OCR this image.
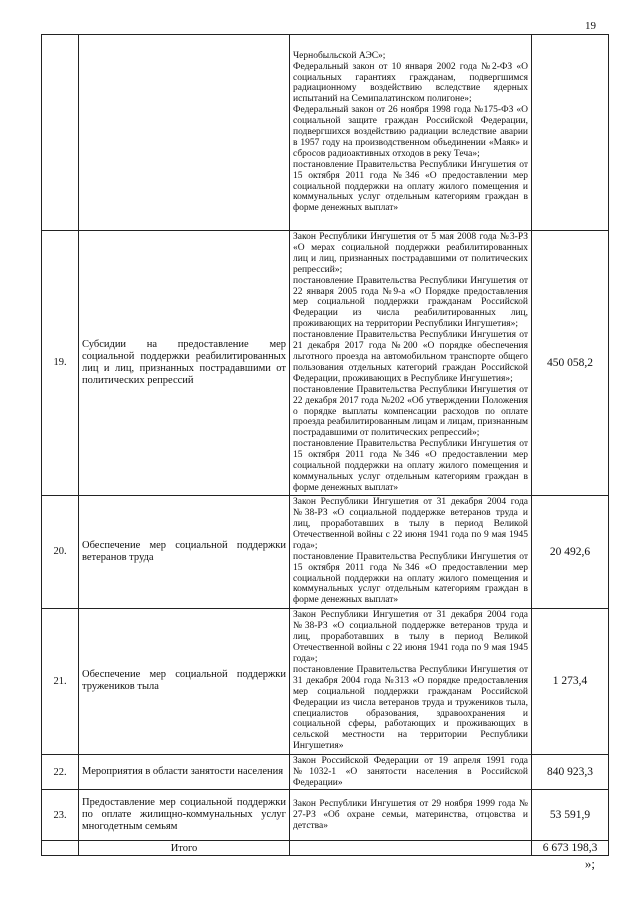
19

		Чернобыльской АЭС»;

Федеральный закон от 10 января 2002 года №2-ФЗ «О социальных гарантиях гражданам, подвергшимся радиационному воздействию вследствие ядерных испытаний на Семипалатинском полигоне»;

Федеральный закон от 26 ноября 1998 года №175-ФЗ «О социальной защите граждан Российской Федерации, подвергшихся воздействию радиации вследствие аварии в 1957 году на производственном объединении «Маяк» и сбросов радиоактивных отходов в реку Теча»;

постановление Правительства Республики Ингушетия от 15 октября 2011 года №346 «О предоставлении мер социальной поддержки на оплату жилого помещения и коммунальных услуг отдельным категориям граждан в форме денежных выплат»	

19.	Субсидии на предоставление мер социальной поддержки реабилитированных лиц и лиц, признанных пострадавшими от политических репрессий	Закон Республики Ингушетия от 5 мая 2008 года №3-РЗ «О мерах социальной поддержки реабилитированных лиц и лиц, признанных пострадавшими от политических репрессий»;

постановление Правительства Республики Ингушетия от 22 января 2005 года №9-а «О Порядке предоставления мер социальной поддержки гражданам Российской Федерации из числа реабилитированных лиц, проживающих на территории Республики Ингушетия»;

постановление Правительства Республики Ингушетия от 21 декабря 2017 года №200 «О порядке обеспечения льготного проезда на автомобильном транспорте общего пользования отдельных категорий граждан Российской Федерации, проживающих в Республике Ингушетия»;

постановление Правительства Республики Ингушетия от 22 декабря 2017 года №202 «Об утверждении Положения о порядке выплаты компенсации расходов по оплате проезда реабилитированным лицам и лицам, признанным пострадавшими от политических репрессий»;

постановление Правительства Республики Ингушетия от 15 октября 2011 года №346 «О предоставлении мер социальной поддержки на оплату жилого помещения и коммунальных услуг отдельным категориям граждан в форме денежных выплат»	450 058,2
20.	Обеспечение мер социальной поддержки ветеранов труда	Закон Республики Ингушетия от 31 декабря 2004 года №38-РЗ «О социальной поддержке ветеранов труда и лиц, проработавших в тылу в период Великой Отечественной войны с 22 июня 1941 года по 9 мая 1945 года»;

постановление Правительства Республики Ингушетия от 15 октября 2011 года №346 «О предоставлении мер социальной поддержки на оплату жилого помещения и коммунальных услуг отдельным категориям граждан в форме денежных выплат»	20 492,6
21.	Обеспечение мер социальной поддержки тружеников тыла	Закон Республики Ингушетия от 31 декабря 2004 года №38-РЗ «О социальной поддержке ветеранов труда и лиц, проработавших в тылу в период Великой Отечественной войны с 22 июня 1941 года по 9 мая 1945 года»;

постановление Правительства Республики Ингушетия от 31 декабря 2004 года №313 «О порядке предоставления мер социальной поддержки гражданам Российской Федерации из числа ветеранов труда и тружеников тыла, специалистов образования, здравоохранения и социальной сферы, работающих и проживающих в сельской местности на территории Республики Ингушетия»	1 273,4
22.	Мероприятия в области занятости населения	Закон Российской Федерации от 19 апреля 1991 года №1032-1 «О занятости населения в Российской Федерации»	840 923,3
23.	Предоставление мер социальной поддержки по оплате жилищно-коммунальных услуг многодетным семьям	Закон Республики Ингушетия от 29 ноября 1999 года № 27-РЗ «Об охране семьи, материнства, отцовства и детства»	53 591,9
	Итого		6 673 198,3
»;
